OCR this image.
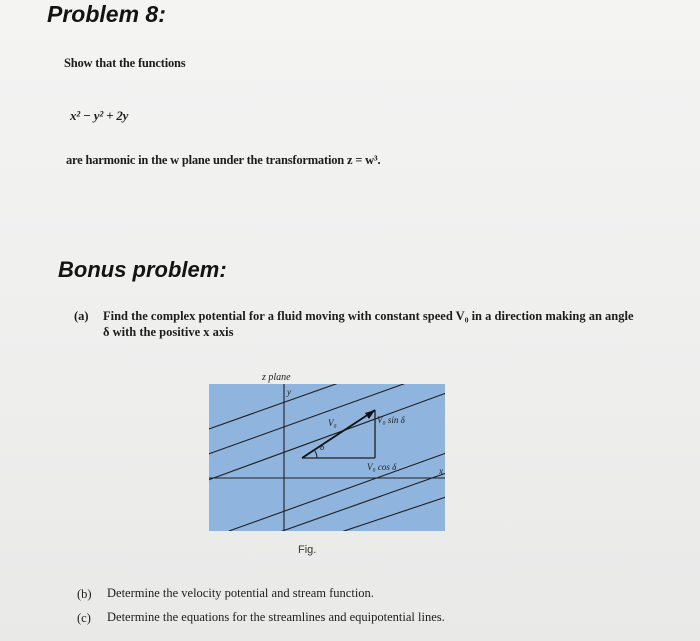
Problem 8:
Show that the functions
x² − y² + 2y
are harmonic in the w plane under the transformation z = w³.
Bonus problem:
(a) Find the complex potential for a fluid moving with constant speed V₀ in a direction making an angle δ with the positive x axis
z plane
y
x
V₀
δ
V₀ sin δ
V₀ cos δ
Fig.
(b) Determine the velocity potential and stream function.
(c) Determine the equations for the streamlines and equipotential lines.
